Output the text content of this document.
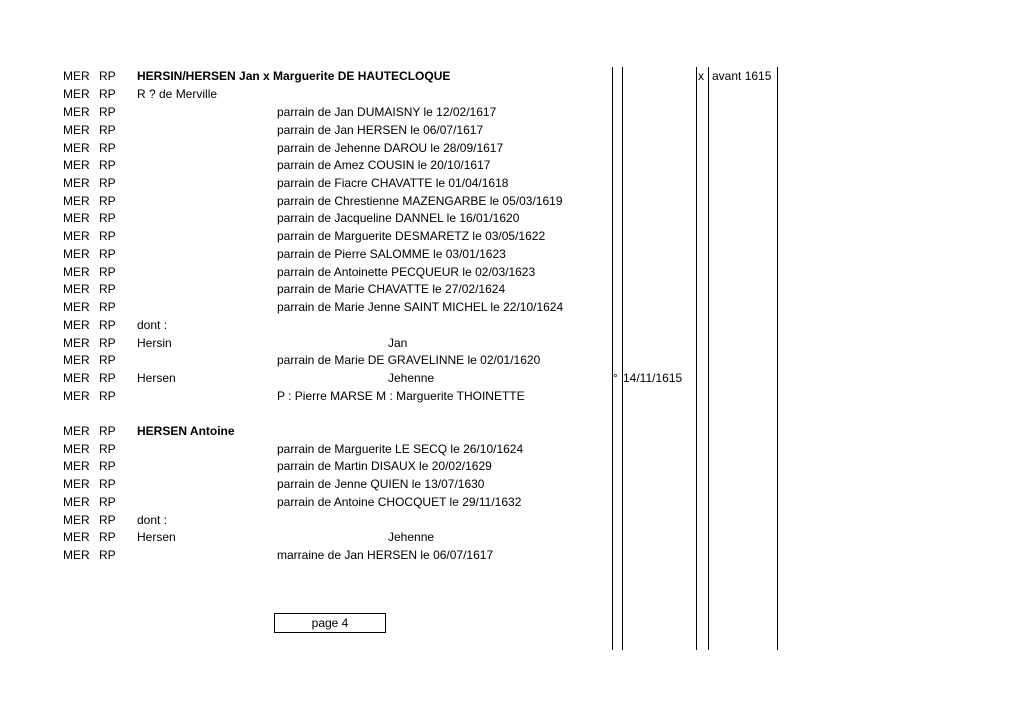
MER RP HERSIN/HERSEN Jan x Marguerite DE HAUTECLOQUE	x avant 1615
MER RP R ? de Merville
MER RP	parrain de Jan DUMAISNY le 12/02/1617
MER RP	parrain de Jan HERSEN le 06/07/1617
MER RP	parrain de Jehenne DAROU le 28/09/1617
MER RP	parrain de Amez COUSIN le 20/10/1617
MER RP	parrain de Fiacre CHAVATTE le 01/04/1618
MER RP	parrain de Chrestienne MAZENGARBE le 05/03/1619
MER RP	parrain de Jacqueline DANNEL le 16/01/1620
MER RP	parrain de Marguerite DESMARETZ le 03/05/1622
MER RP	parrain de Pierre SALOMME le 03/01/1623
MER RP	parrain de Antoinette PECQUEUR le 02/03/1623
MER RP	parrain de Marie CHAVATTE le 27/02/1624
MER RP	parrain de Marie Jenne SAINT MICHEL le 22/10/1624
MER RP dont :
MER RP Hersin	Jan
MER RP	parrain de Marie DE GRAVELINNE le 02/01/1620
MER RP Hersen	Jehenne	° 14/11/1615
MER RP	P : Pierre MARSE M : Marguerite THOINETTE
MER RP HERSEN Antoine
MER RP	parrain de Marguerite LE SECQ le 26/10/1624
MER RP	parrain de Martin DISAUX le 20/02/1629
MER RP	parrain de Jenne QUIEN le 13/07/1630
MER RP	parrain de Antoine CHOCQUET le 29/11/1632
MER RP dont :
MER RP Hersen	Jehenne
MER RP	marraine de Jan HERSEN le 06/07/1617
page 4
